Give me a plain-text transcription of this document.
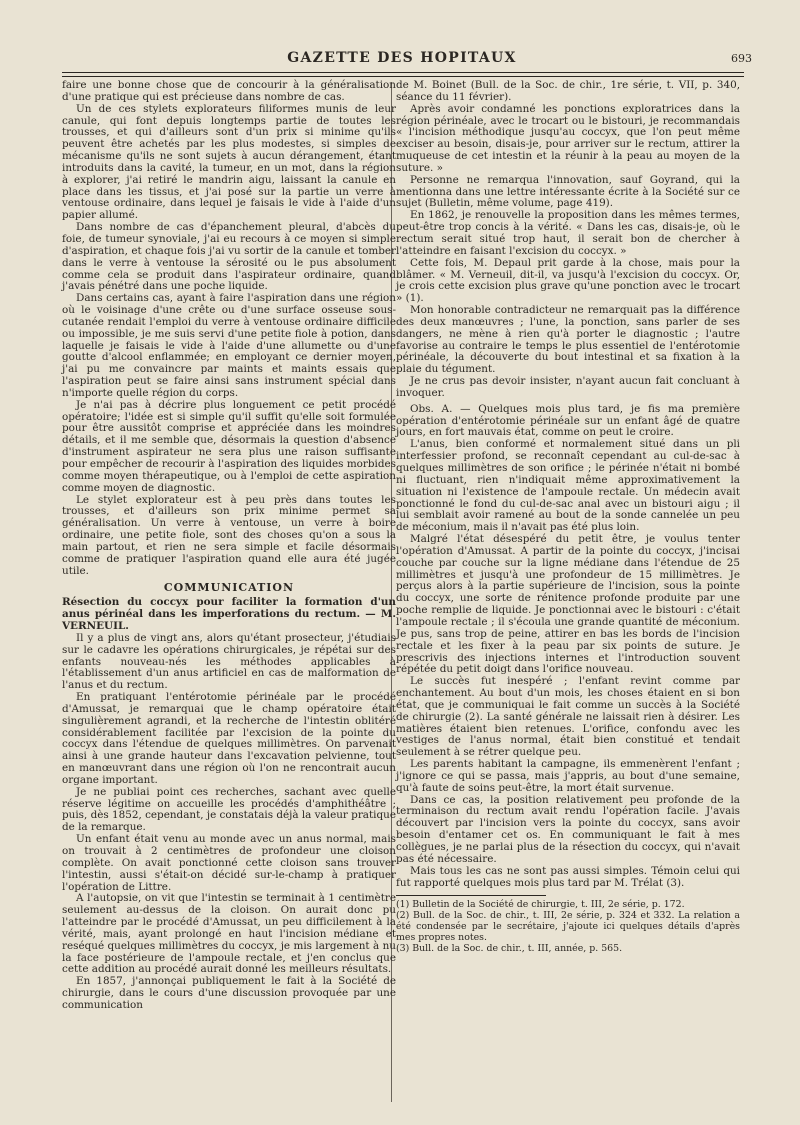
GAZETTE DES HOPITAUX	693

faire une bonne chose que de concourir à la généralisation d'une pratique qui est précieuse dans nombre de cas.

Un de ces stylets explorateurs filiformes munis de leur canule, qui font depuis longtemps partie de toutes les trousses, et qui d'ailleurs sont d'un prix si minime qu'ils peuvent être achetés par les plus modestes, si simples de mécanisme qu'ils ne sont sujets à aucun dérangement, étant introduits dans la cavité, la tumeur, en un mot, dans la région à explorer, j'ai retiré le mandrin aigu, laissant la canule en place dans les tissus, et j'ai posé sur la partie un verre à ventouse ordinaire, dans lequel je faisais le vide à l'aide d'un papier allumé.

Dans nombre de cas d'épanchement pleural, d'abcès du foie, de tumeur synoviale, j'ai eu recours à ce moyen si simple d'aspiration, et chaque fois j'ai vu sortir de la canule et tomber dans le verre à ventouse la sérosité ou le pus absolument comme cela se produit dans l'aspirateur ordinaire, quand j'avais pénétré dans une poche liquide.

Dans certains cas, ayant à faire l'aspiration dans une région où le voisinage d'une crête ou d'une surface osseuse sous-cutanée rendait l'emploi du verre à ventouse ordinaire difficile ou impossible, je me suis servi d'une petite fiole à potion, dans laquelle je faisais le vide à l'aide d'une allumette ou d'une goutte d'alcool enflammée; en employant ce dernier moyen, j'ai pu me convaincre par maints et maints essais que l'aspiration peut se faire ainsi sans instrument spécial dans n'importe quelle région du corps.

Je n'ai pas à décrire plus longuement ce petit procédé opératoire; l'idée est si simple qu'il suffit qu'elle soit formulée pour être aussitôt comprise et appréciée dans les moindres détails, et il me semble que, désormais la question d'absence d'instrument aspirateur ne sera plus une raison suffisante pour empêcher de recourir à l'aspiration des liquides morbides comme moyen thérapeutique, ou à l'emploi de cette aspiration comme moyen de diagnostic.

Le stylet explorateur est à peu près dans toutes les trousses, et d'ailleurs son prix minime permet sa généralisation. Un verre à ventouse, un verre à boire ordinaire, une petite fiole, sont des choses qu'on a sous la main partout, et rien ne sera simple et facile désormais comme de pratiquer l'aspiration quand elle aura été jugée utile.

COMMUNICATION

Résection du coccyx pour faciliter la formation d'un anus périnéal dans les imperforations du rectum. — M. VERNEUIL.

Il y a plus de vingt ans, alors qu'étant prosecteur, j'étudiais sur le cadavre les opérations chirurgicales, je répétai sur des enfants nouveau-nés les méthodes applicables à l'établissement d'un anus artificiel en cas de malformation de l'anus et du rectum.

En pratiquant l'entérotomie périnéale par le procédé d'Amussat, je remarquai que le champ opératoire était singulièrement agrandi, et la recherche de l'intestin oblitéré considérablement facilitée par l'excision de la pointe du coccyx dans l'étendue de quelques millimètres. On parvenait ainsi à une grande hauteur dans l'excavation pelvienne, tout en manœuvrant dans une région où l'on ne rencontrait aucun organe important.

Je ne publiai point ces recherches, sachant avec quelle réserve légitime on accueille les procédés d'amphithéâtre ; puis, dès 1852, cependant, je constatais déjà la valeur pratique de la remarque.

Un enfant était venu au monde avec un anus normal, mais on trouvait à 2 centimètres de profondeur une cloison complète. On avait ponctionné cette cloison sans trouver l'intestin, aussi s'était-on décidé sur-le-champ à pratiquer l'opération de Littre.

A l'autopsie, on vit que l'intestin se terminait à 1 centimètre seulement au-dessus de la cloison. On aurait donc pu l'atteindre par le procédé d'Amussat, un peu difficilement à la vérité, mais, ayant prolongé en haut l'incision médiane et reséqué quelques millimètres du coccyx, je mis largement à nu la face postérieure de l'ampoule rectale, et j'en conclus que cette addition au procédé aurait donné les meilleurs résultats.

En 1857, j'annonçai publiquement le fait à la Société de chirurgie, dans le cours d'une discussion provoquée par une communication

de M. Boinet (Bull. de la Soc. de chir., 1re série, t. VII, p. 340, séance du 11 février).

Après avoir condamné les ponctions exploratrices dans la région périnéale, avec le trocart ou le bistouri, je recommandais « l'incision méthodique jusqu'au coccyx, que l'on peut même exciser au besoin, disais-je, pour arriver sur le rectum, attirer la muqueuse de cet intestin et la réunir à la peau au moyen de la suture. »

Personne ne remarqua l'innovation, sauf Goyrand, qui la mentionna dans une lettre intéressante écrite à la Société sur ce sujet (Bulletin, même volume, page 419).

En 1862, je renouvelle la proposition dans les mêmes termes, peut-être trop concis à la vérité. « Dans les cas, disais-je, où le rectum serait situé trop haut, il serait bon de chercher à l'atteindre en faisant l'excision du coccyx. »

Cette fois, M. Depaul prit garde à la chose, mais pour la blâmer. « M. Verneuil, dit-il, va jusqu'à l'excision du coccyx. Or, je crois cette excision plus grave qu'une ponction avec le trocart » (1).

Mon honorable contradicteur ne remarquait pas la différence des deux manœuvres ; l'une, la ponction, sans parler de ses dangers, ne mène à rien qu'à porter le diagnostic ; l'autre favorise au contraire le temps le plus essentiel de l'entérotomie périnéale, la découverte du bout intestinal et sa fixation à la plaie du tégument.

Je ne crus pas devoir insister, n'ayant aucun fait concluant à invoquer.

Obs. A. — Quelques mois plus tard, je fis ma première opération d'entérotomie périnéale sur un enfant âgé de quatre jours, en fort mauvais état, comme on peut le croire.

L'anus, bien conformé et normalement situé dans un pli interfessier profond, se reconnaît cependant au cul-de-sac à quelques millimètres de son orifice ; le périnée n'était ni bombé ni fluctuant, rien n'indiquait même approximativement la situation ni l'existence de l'ampoule rectale. Un médecin avait ponctionné le fond du cul-de-sac anal avec un bistouri aigu ; il lui semblait avoir ramené au bout de la sonde cannelée un peu de méconium, mais il n'avait pas été plus loin.

Malgré l'état désespéré du petit être, je voulus tenter l'opération d'Amussat. A partir de la pointe du coccyx, j'incisai couche par couche sur la ligne médiane dans l'étendue de 25 millimètres et jusqu'à une profondeur de 15 millimètres. Je perçus alors à la partie supérieure de l'incision, sous la pointe du coccyx, une sorte de rénitence profonde produite par une poche remplie de liquide. Je ponctionnai avec le bistouri : c'était l'ampoule rectale ; il s'écoula une grande quantité de méconium. Je pus, sans trop de peine, attirer en bas les bords de l'incision rectale et les fixer à la peau par six points de suture. Je prescrivis des injections internes et l'introduction souvent répétée du petit doigt dans l'orifice nouveau.

Le succès fut inespéré ; l'enfant revint comme par enchantement. Au bout d'un mois, les choses étaient en si bon état, que je communiquai le fait comme un succès à la Société de chirurgie (2). La santé générale ne laissait rien à désirer. Les matières étaient bien retenues. L'orifice, confondu avec les vestiges de l'anus normal, était bien constitué et tendait seulement à se rétrer quelque peu.

Les parents habitant la campagne, ils emmenèrent l'enfant ; j'ignore ce qui se passa, mais j'appris, au bout d'une semaine, qu'à faute de soins peut-être, la mort était survenue.

Dans ce cas, la position relativement peu profonde de la terminaison du rectum avait rendu l'opération facile. J'avais découvert par l'incision vers la pointe du coccyx, sans avoir besoin d'entamer cet os. En communiquant le fait à mes collègues, je ne parlai plus de la résection du coccyx, qui n'avait pas été nécessaire.

Mais tous les cas ne sont pas aussi simples. Témoin celui qui fut rapporté quelques mois plus tard par M. Trélat (3).

(1) Bulletin de la Société de chirurgie, t. III, 2e série, p. 172.

(2) Bull. de la Soc. de chir., t. III, 2e série, p. 324 et 332. La relation a été condensée par le secrétaire, j'ajoute ici quelques détails d'après mes propres notes.

(3) Bull. de la Soc. de chir., t. III, année, p. 565.
